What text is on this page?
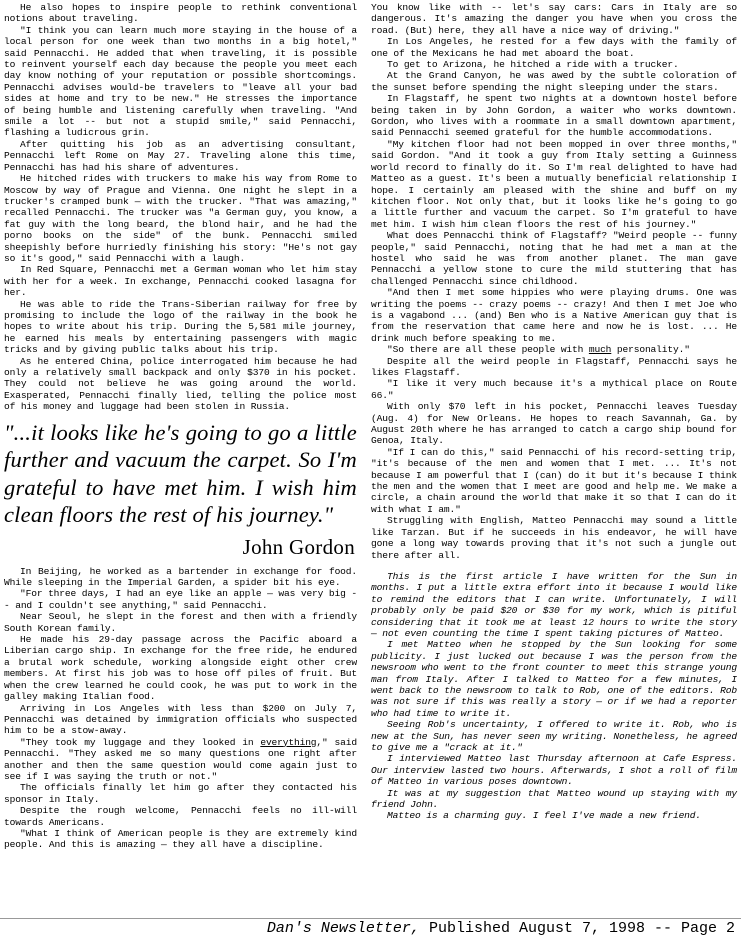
He also hopes to inspire people to rethink conventional notions about traveling.

"I think you can learn much more staying in the house of a local person for one week than two months in a big hotel," said Pennacchi. He added that when traveling, it is possible to reinvent yourself each day because the people you meet each day know nothing of your reputation or possible shortcomings. Pennacchi advises would-be travelers to "leave all your bad sides at home and try to be new." He stresses the importance of being humble and listening carefully when traveling. "And smile a lot -- but not a stupid smile," said Pennacchi, flashing a ludicrous grin.

After quitting his job as an advertising consultant, Pennacchi left Rome on May 27. Traveling alone this time, Pennacchi has had his share of adventures.

He hitched rides with truckers to make his way from Rome to Moscow by way of Prague and Vienna. One night he slept in a trucker's cramped bunk — with the trucker. "That was amazing," recalled Pennacchi. The trucker was "a German guy, you know, a fat guy with the long beard, the blond hair, and he had the porno books on the side" of the bunk. Pennacchi smiled sheepishly before hurriedly finishing his story: "He's not gay so it's good," said Pennacchi with a laugh.

In Red Square, Pennacchi met a German woman who let him stay with her for a week. In exchange, Pennacchi cooked lasagna for her.

He was able to ride the Trans-Siberian railway for free by promising to include the logo of the railway in the book he hopes to write about his trip. During the 5,581 mile journey, he earned his meals by entertaining passengers with magic tricks and by giving public talks about his trip.

As he entered China, police interrogated him because he had only a relatively small backpack and only $370 in his pocket. They could not believe he was going around the world. Exasperated, Pennacchi finally lied, telling the police most of his money and luggage had been stolen in Russia.

"...it looks like he's going to go a little further and vacuum the carpet. So I'm grateful to have met him. I wish him clean floors the rest of his journey."
John Gordon

In Beijing, he worked as a bartender in exchange for food. While sleeping in the Imperial Garden, a spider bit his eye.

"For three days, I had an eye like an apple — was very big -- and I couldn't see anything," said Pennacchi.

Near Seoul, he slept in the forest and then with a friendly South Korean family.

He made his 29-day passage across the Pacific aboard a Liberian cargo ship. In exchange for the free ride, he endured a brutal work schedule, working alongside eight other crew members. At first his job was to hose off piles of fruit. But when the crew learned he could cook, he was put to work in the galley making Italian food.

Arriving in Los Angeles with less than $200 on July 7, Pennacchi was detained by immigration officials who suspected him to be a stow-away.

"They took my luggage and they looked in everything," said Pennacchi. "They asked me so many questions one right after another and then the same question would come again just to see if I was saying the truth or not."

The officials finally let him go after they contacted his sponsor in Italy.

Despite the rough welcome, Pennacchi feels no ill-will towards Americans.

"What I think of American people is they are extremely kind people. And this is amazing — they all have a discipline.

You know like with -- let's say cars: Cars in Italy are so dangerous. It's amazing the danger you have when you cross the road. (But) here, they all have a nice way of driving."

In Los Angeles, he rested for a few days with the family of one of the Mexicans he had met aboard the boat.

To get to Arizona, he hitched a ride with a trucker.

At the Grand Canyon, he was awed by the subtle coloration of the sunset before spending the night sleeping under the stars.

In Flagstaff, he spent two nights at a downtown hostel before being taken in by John Gordon, a waiter who works downtown. Gordon, who lives with a roommate in a small downtown apartment, said Pennacchi seemed grateful for the humble accommodations.

"My kitchen floor had not been mopped in over three months," said Gordon. "And it took a guy from Italy setting a Guinness world record to finally do it. So I'm real delighted to have had Matteo as a guest. It's been a mutually beneficial relationship I hope. I certainly am pleased with the shine and buff on my kitchen floor. Not only that, but it looks like he's going to go a little further and vacuum the carpet. So I'm grateful to have met him. I wish him clean floors the rest of his journey."

What does Pennacchi think of Flagstaff? "Weird people -- funny people," said Pennacchi, noting that he had met a man at the hostel who said he was from another planet. The man gave Pennacchi a yellow stone to cure the mild stuttering that has challenged Pennacchi since childhood.

"And then I met some hippies who were playing drums. One was writing the poems -- crazy poems -- crazy! And then I met Joe who is a vagabond ... (and) Ben who is a Native American guy that is from the reservation that came here and now he is lost. ... He drink much before speaking to me.

"So there are all these people with much personality."

Despite all the weird people in Flagstaff, Pennacchi says he likes Flagstaff.

"I like it very much because it's a mythical place on Route 66."

With only $70 left in his pocket, Pennacchi leaves Tuesday (Aug. 4) for New Orleans. He hopes to reach Savannah, Ga. by August 20th where he has arranged to catch a cargo ship bound for Genoa, Italy.

"If I can do this," said Pennacchi of his record-setting trip, "it's because of the men and women that I met. ... It's not because I am powerful that I (can) do it but it's because I think the men and the women that I meet are good and help me. We make a circle, a chain around the world that make it so that I can do it with what I am."

Struggling with English, Matteo Pennacchi may sound a little like Tarzan. But if he succeeds in his endeavor, he will have gone a long way towards proving that it's not such a jungle out there after all.

This is the first article I have written for the Sun in months. I put a little extra effort into it because I would like to remind the editors that I can write. Unfortunately, I will probably only be paid $20 or $30 for my work, which is pitiful considering that it took me at least 12 hours to write the story — not even counting the time I spent taking pictures of Matteo.

I met Matteo when he stopped by the Sun looking for some publicity. I just lucked out because I was the person from the newsroom who went to the front counter to meet this strange young man from Italy. After I talked to Matteo for a few minutes, I went back to the newsroom to talk to Rob, one of the editors. Rob was not sure if this was really a story — or if we had a reporter who had time to write it.

Seeing Rob's uncertainty, I offered to write it. Rob, who is new at the Sun, has never seen my writing. Nonetheless, he agreed to give me a "crack at it."

I interviewed Matteo last Thursday afternoon at Cafe Espress. Our interview lasted two hours. Afterwards, I shot a roll of film of Matteo in various poses downtown.

It was at my suggestion that Matteo wound up staying with my friend John.

Matteo is a charming guy. I feel I've made a new friend.

Dan's Newsletter, Published August 7, 1998 -- Page 2
